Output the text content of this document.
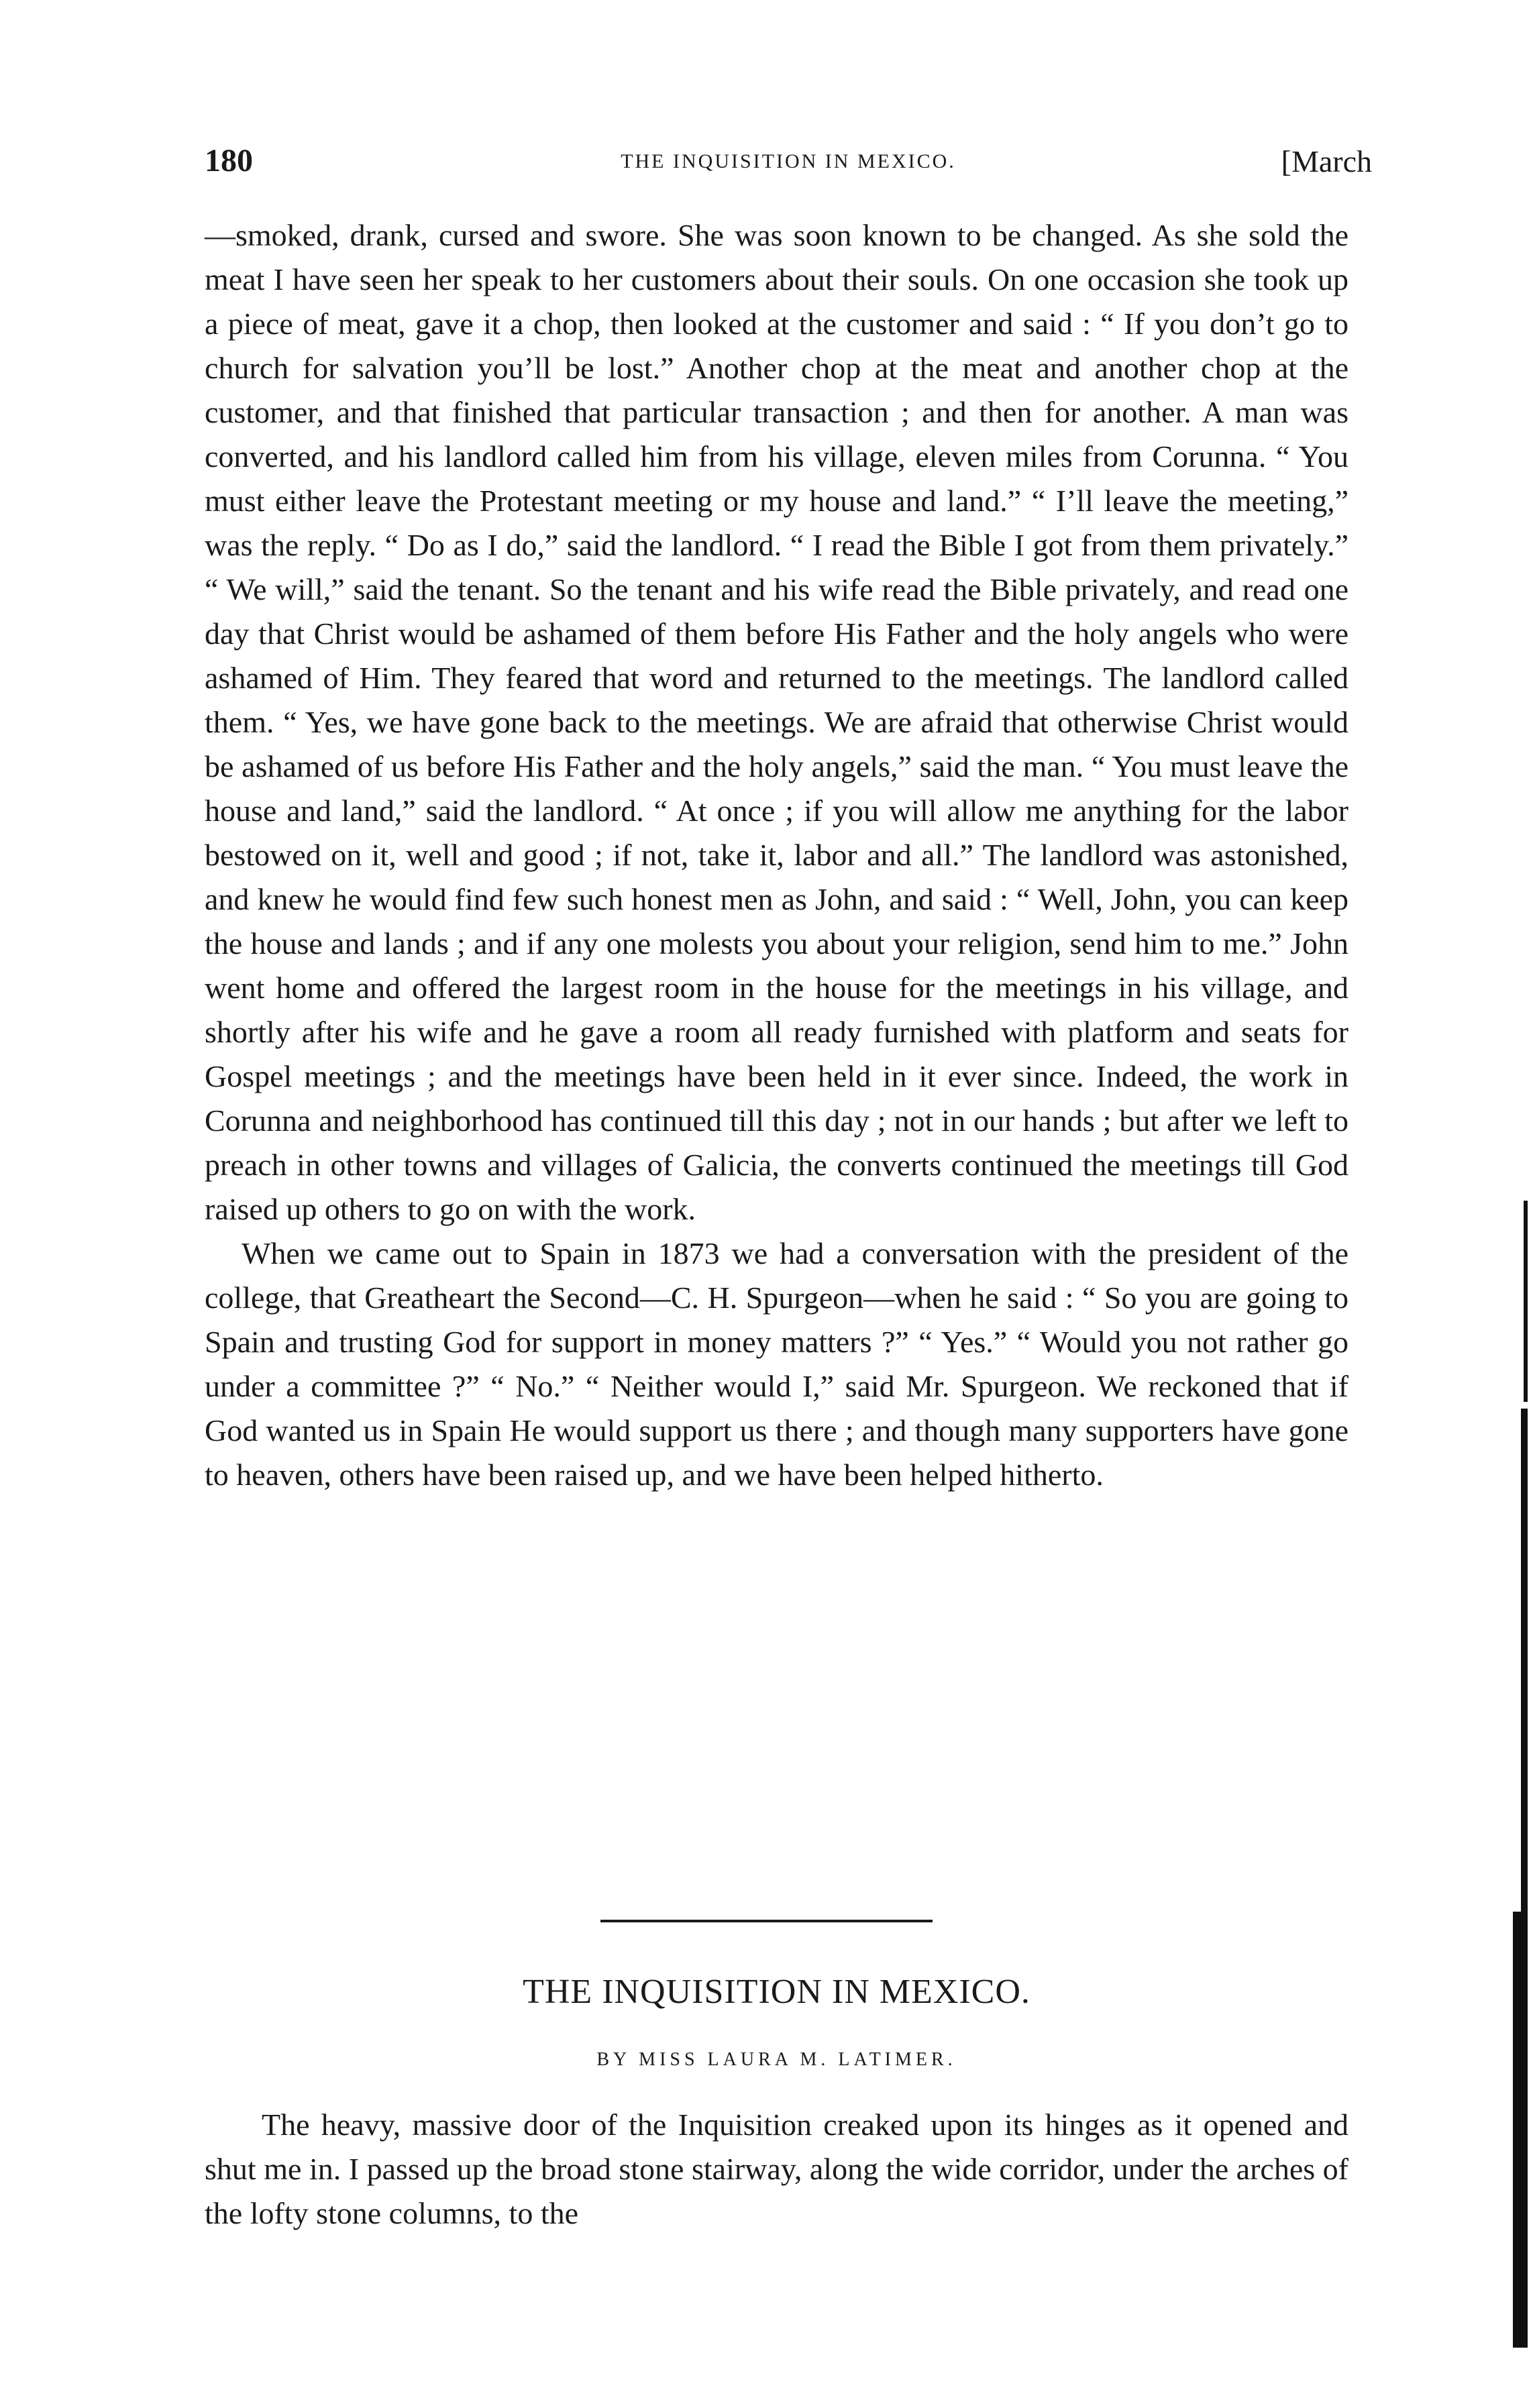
180	THE INQUISITION IN MEXICO.	[March

—smoked, drank, cursed and swore. She was soon known to be changed. As she sold the meat I have seen her speak to her customers about their souls. On one occasion she took up a piece of meat, gave it a chop, then looked at the customer and said : “ If you don’t go to church for salvation you’ll be lost.” Another chop at the meat and another chop at the customer, and that finished that particular transaction ; and then for another. A man was converted, and his landlord called him from his village, eleven miles from Corunna. “ You must either leave the Protestant meeting or my house and land.” “ I’ll leave the meeting,” was the reply. “ Do as I do,” said the landlord. “ I read the Bible I got from them privately.” “ We will,” said the tenant. So the tenant and his wife read the Bible privately, and read one day that Christ would be ashamed of them before His Father and the holy angels who were ashamed of Him. They feared that word and returned to the meetings. The landlord called them. “ Yes, we have gone back to the meetings. We are afraid that otherwise Christ would be ashamed of us before His Father and the holy angels,” said the man. “ You must leave the house and land,” said the landlord. “ At once ; if you will allow me anything for the labor bestowed on it, well and good ; if not, take it, labor and all.” The landlord was astonished, and knew he would find few such honest men as John, and said : “ Well, John, you can keep the house and lands ; and if any one molests you about your religion, send him to me.” John went home and offered the largest room in the house for the meetings in his village, and shortly after his wife and he gave a room all ready furnished with platform and seats for Gospel meetings ; and the meetings have been held in it ever since. Indeed, the work in Corunna and neighborhood has continued till this day ; not in our hands ; but after we left to preach in other towns and villages of Galicia, the converts continued the meetings till God raised up others to go on with the work.

When we came out to Spain in 1873 we had a conversation with the president of the college, that Greatheart the Second—C. H. Spurgeon—when he said : “ So you are going to Spain and trusting God for support in money matters ?” “ Yes.” “ Would you not rather go under a committee ?” “ No.” “ Neither would I,” said Mr. Spurgeon. We reckoned that if God wanted us in Spain He would support us there ; and though many supporters have gone to heaven, others have been raised up, and we have been helped hitherto.

THE INQUISITION IN MEXICO.
BY MISS LAURA M. LATIMER.

The heavy, massive door of the Inquisition creaked upon its hinges as it opened and shut me in. I passed up the broad stone stairway, along the wide corridor, under the arches of the lofty stone columns, to the
